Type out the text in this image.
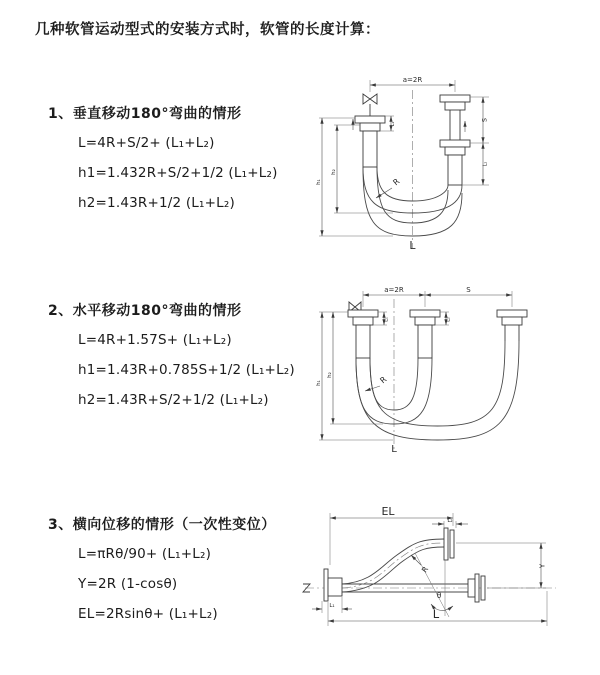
几种软管运动型式的安装方式时，软管的长度计算：
1、垂直移动180°弯曲的情形

L=4R+S/2+ (L₁+L₂)

h1=1.432R+S/2+1/2 (L₁+L₂)

h2=1.43R+1/2 (L₁+L₂)

2、水平移动180°弯曲的情形

L=4R+1.57S+ (L₁+L₂)

h1=1.43R+0.785S+1/2 (L₁+L₂)

h2=1.43R+S/2+1/2 (L₁+L₂)

3、横向位移的情形（一次性变位）

L=πRθ/90+ (L₁+L₂)

Y=2R (1-cosθ)

EL=2Rsinθ+ (L₁+L₂)

a=2R
h₁
h₂
L₁
S
L₂
R
L
a=2R	S
h₁
h₂
L₁	L₂
R
L
EL
L₂
Y
θ
R
L
L₁
